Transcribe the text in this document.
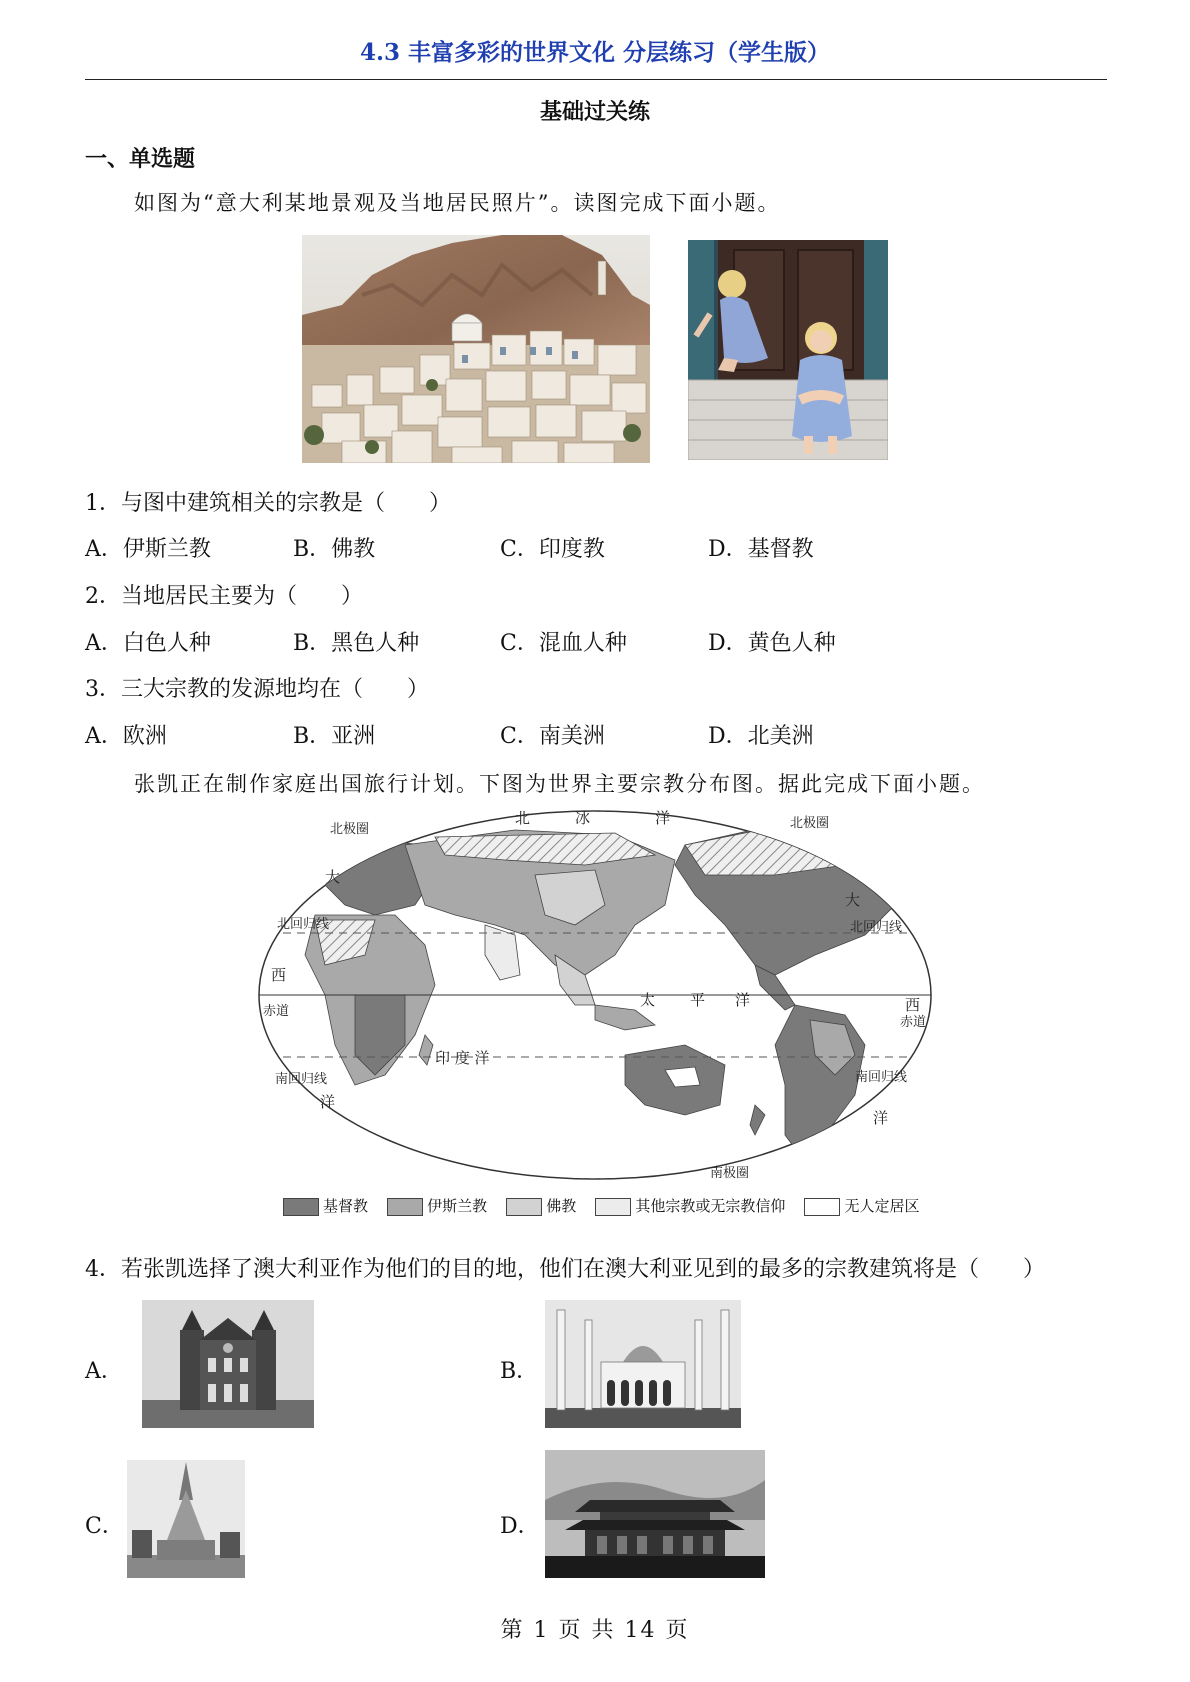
4.3 丰富多彩的世界文化 分层练习（学生版）
基础过关练
一、单选题
如图为“意大利某地景观及当地居民照片”。读图完成下面小题。
1．与图中建筑相关的宗教是（　　）
A．伊斯兰教	B．佛教	C．印度教	D．基督教
2．当地居民主要为（　　）
A．白色人种	B．黑色人种	C．混血人种	D．黄色人种
3．三大宗教的发源地均在（　　）
A．欧洲	B．亚洲	C．南美洲	D．北美洲
张凯正在制作家庭出国旅行计划。下图为世界主要宗教分布图。据此完成下面小题。
北	冰	洋
北极圈	北极圈
大
大
北回归线	北回归线
西
西
赤道
赤道
太 平 洋
印 度 洋
南回归线	南回归线
洋
洋
南极圈
基督教	伊斯兰教	佛教	其他宗教或无宗教信仰	无人定居区
4．若张凯选择了澳大利亚作为他们的目的地，他们在澳大利亚见到的最多的宗教建筑将是（　　）
A．	B．
C．	D．
第 1 页 共 14 页
